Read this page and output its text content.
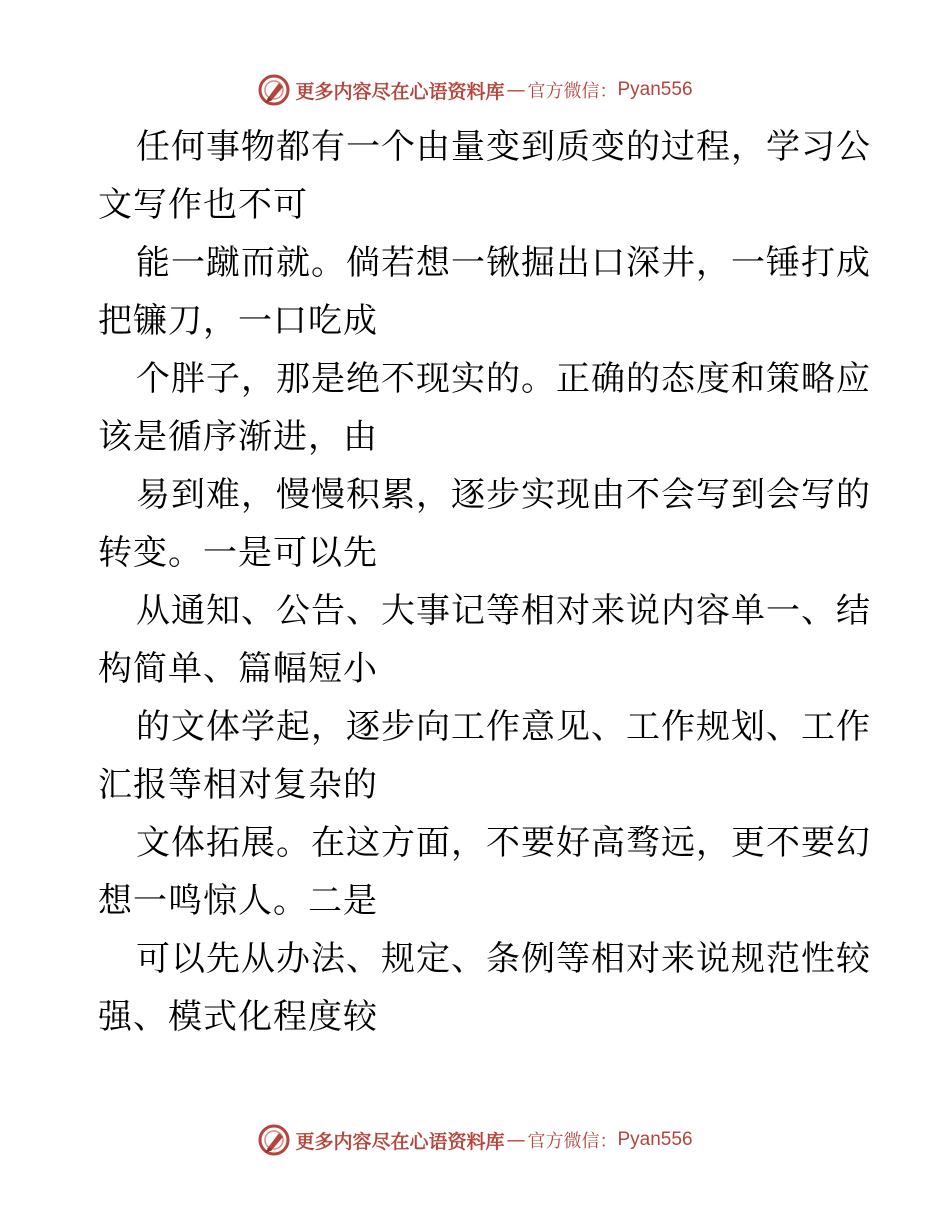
更多内容尽在心语资料库 — 官方微信： Pyan556
任何事物都有一个由量变到质变的过程，学习公
文写作也不可
能一蹴而就。倘若想一锹掘出口深井，一锤打成
把镰刀，一口吃成
个胖子，那是绝不现实的。正确的态度和策略应
该是循序渐进，由
易到难，慢慢积累，逐步实现由不会写到会写的
转变。一是可以先
从通知、公告、大事记等相对来说内容单一、结
构简单、篇幅短小
的文体学起，逐步向工作意见、工作规划、工作
汇报等相对复杂的
文体拓展。在这方面，不要好高骛远，更不要幻
想一鸣惊人。二是
可以先从办法、规定、条例等相对来说规范性较
强、模式化程度较
更多内容尽在心语资料库 — 官方微信： Pyan556
